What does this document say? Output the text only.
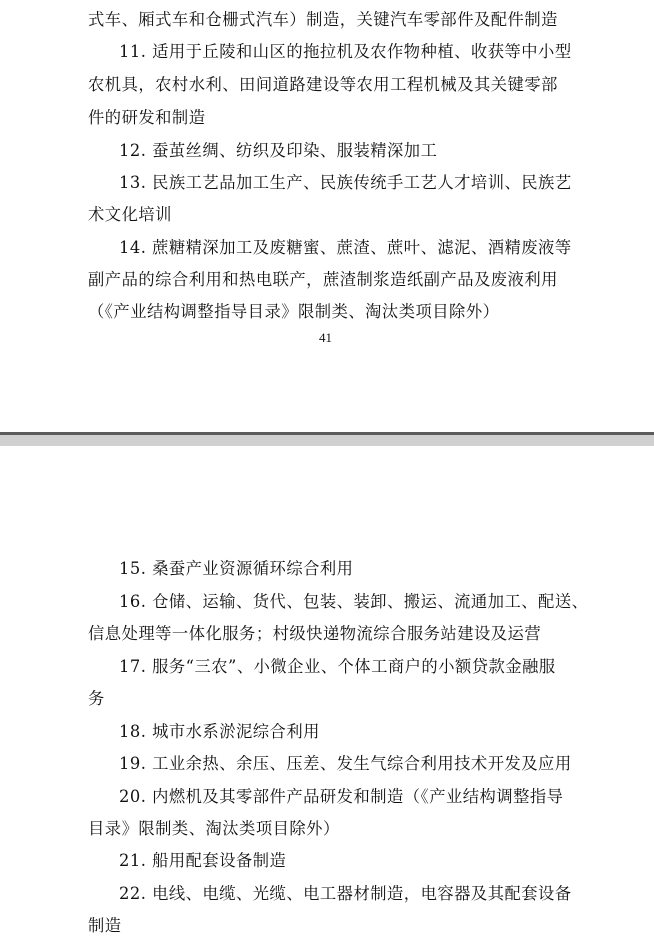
式车、厢式车和仓栅式汽车）制造，关键汽车零部件及配件制造
11. 适用于丘陵和山区的拖拉机及农作物种植、收获等中小型
农机具，农村水利、田间道路建设等农用工程机械及其关键零部
件的研发和制造
12. 蚕茧丝绸、纺织及印染、服装精深加工
13. 民族工艺品加工生产、民族传统手工艺人才培训、民族艺
术文化培训
14. 蔗糖精深加工及废糖蜜、蔗渣、蔗叶、滤泥、酒精废液等
副产品的综合利用和热电联产，蔗渣制浆造纸副产品及废液利用
（《产业结构调整指导目录》限制类、淘汰类项目除外）
41
15. 桑蚕产业资源循环综合利用
16. 仓储、运输、货代、包装、装卸、搬运、流通加工、配送、
信息处理等一体化服务；村级快递物流综合服务站建设及运营
17. 服务“三农”、小微企业、个体工商户的小额贷款金融服
务
18. 城市水系淤泥综合利用
19. 工业余热、余压、压差、发生气综合利用技术开发及应用
20. 内燃机及其零部件产品研发和制造（《产业结构调整指导
目录》限制类、淘汰类项目除外）
21. 船用配套设备制造
22. 电线、电缆、光缆、电工器材制造，电容器及其配套设备
制造
